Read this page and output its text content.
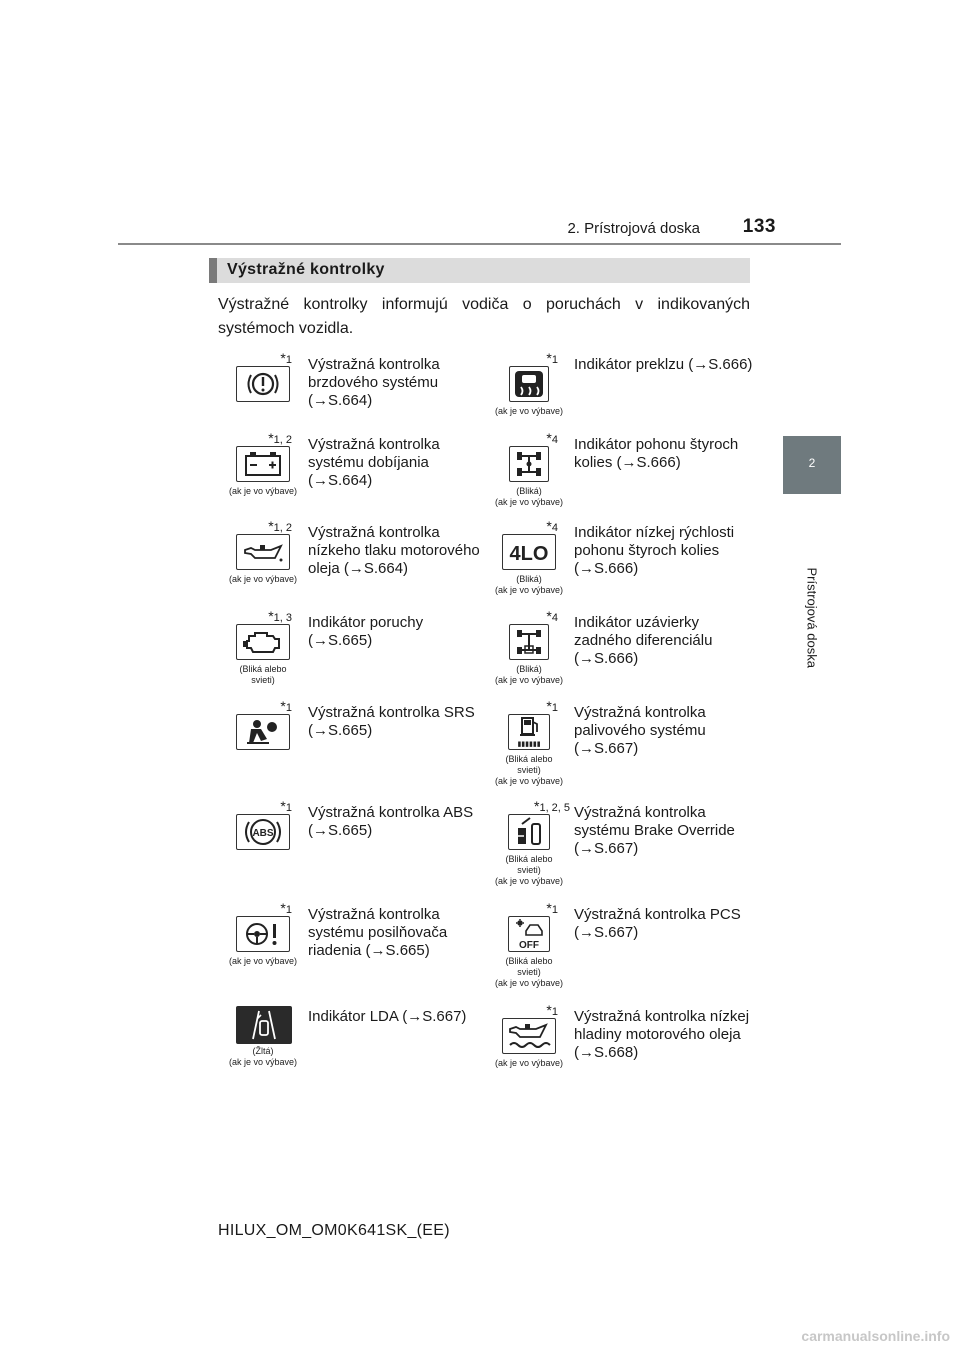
2. Prístrojová doska	133
2
Prístrojová doska
Výstražné kontrolky
Výstražné kontrolky informujú vodiča o poruchách v indikovaných systémoch vozidla.
*1 Výstražná kontrolka brzdového systému (→S.664)
*1
(ak je vo výbave)
Indikátor preklzu (→S.666)
*1, 2
(ak je vo výbave)
Výstražná kontrolka systému dobíjania (→S.664)
*4
(Bliká)
(ak je vo výbave)
Indikátor pohonu štyroch kolies (→S.666)
*1, 2
(ak je vo výbave)
Výstražná kontrolka nízkeho tlaku motorového oleja (→S.664)
*4
4LO
(Bliká)
(ak je vo výbave)
Indikátor nízkej rýchlosti pohonu štyroch kolies (→S.666)
*1, 3
(Bliká alebo
svieti)
Indikátor poruchy (→S.665)
*4
(Bliká)
(ak je vo výbave)
Indikátor uzávierky zadného diferenciálu (→S.666)
*1 Výstražná kontrolka SRS (→S.665)
*1
▮▮▮▮▮▮
(Bliká alebo
svieti)
(ak je vo výbave)
Výstražná kontrolka palivového systému (→S.667)
*1
ABS
Výstražná kontrolka ABS (→S.665)
*1, 2, 5
(Bliká alebo
svieti)
(ak je vo výbave)
Výstražná kontrolka systému Brake Override (→S.667)
*1
(ak je vo výbave)
Výstražná kontrolka systému posilňovača riadenia (→S.665)
*1
OFF
(Bliká alebo
svieti)
(ak je vo výbave)
Výstražná kontrolka PCS (→S.667)
(Žltá)
(ak je vo výbave)
Indikátor LDA (→S.667)	*1
(ak je vo výbave)
Výstražná kontrolka nízkej hladiny motorového oleja (→S.668)
HILUX_OM_OM0K641SK_(EE)
carmanualsonline.info
